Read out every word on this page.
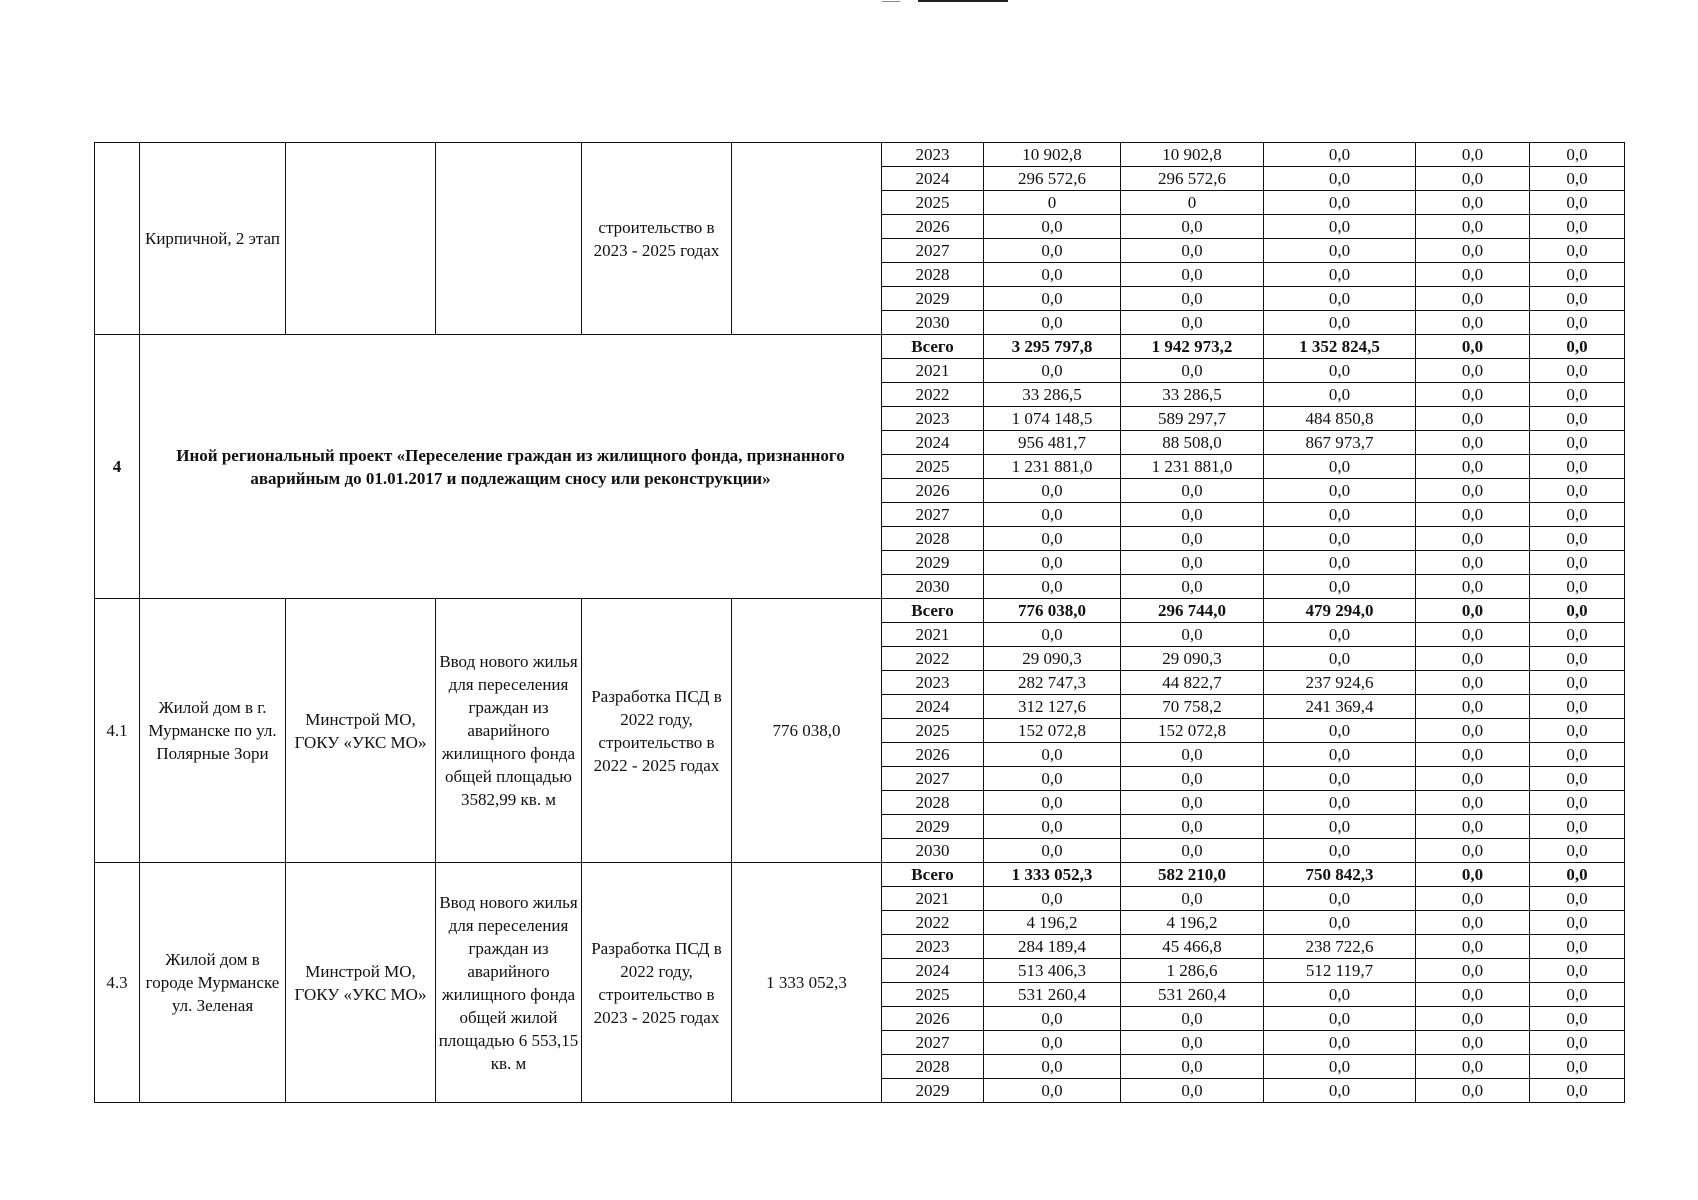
	Кирпичной, 2 этап			строительство в 2023 - 2025 годах		2023	10 902,8	10 902,8	0,0	0,0	0,0
						2024	296 572,6	296 572,6	0,0	0,0	0,0
						2025	0	0	0,0	0,0	0,0
						2026	0,0	0,0	0,0	0,0	0,0
						2027	0,0	0,0	0,0	0,0	0,0
						2028	0,0	0,0	0,0	0,0	0,0
						2029	0,0	0,0	0,0	0,0	0,0
						2030	0,0	0,0	0,0	0,0	0,0
4	Иной региональный проект «Переселение граждан из жилищного фонда, признанного аварийным до 01.01.2017 и подлежащим сносу или реконструкции»					Всего	3 295 797,8	1 942 973,2	1 352 824,5	0,0	0,0
						2021	0,0	0,0	0,0	0,0	0,0
						2022	33 286,5	33 286,5	0,0	0,0	0,0
						2023	1 074 148,5	589 297,7	484 850,8	0,0	0,0
						2024	956 481,7	88 508,0	867 973,7	0,0	0,0
						2025	1 231 881,0	1 231 881,0	0,0	0,0	0,0
						2026	0,0	0,0	0,0	0,0	0,0
						2027	0,0	0,0	0,0	0,0	0,0
						2028	0,0	0,0	0,0	0,0	0,0
						2029	0,0	0,0	0,0	0,0	0,0
						2030	0,0	0,0	0,0	0,0	0,0
4.1	Жилой дом в г. Мурманске по ул. Полярные Зори	Минстрой МО, ГОКУ «УКС МО»	Ввод нового жилья для переселения граждан из аварийного жилищного фонда общей площадью 3582,99 кв. м	Разработка ПСД в 2022 году, строительство в 2022 - 2025 годах	776 038,0	Всего	776 038,0	296 744,0	479 294,0	0,0	0,0
						2021	0,0	0,0	0,0	0,0	0,0
						2022	29 090,3	29 090,3	0,0	0,0	0,0
						2023	282 747,3	44 822,7	237 924,6	0,0	0,0
						2024	312 127,6	70 758,2	241 369,4	0,0	0,0
						2025	152 072,8	152 072,8	0,0	0,0	0,0
						2026	0,0	0,0	0,0	0,0	0,0
						2027	0,0	0,0	0,0	0,0	0,0
						2028	0,0	0,0	0,0	0,0	0,0
						2029	0,0	0,0	0,0	0,0	0,0
						2030	0,0	0,0	0,0	0,0	0,0
4.3	Жилой дом в городе Мурманске ул. Зеленая	Минстрой МО, ГОКУ «УКС МО»	Ввод нового жилья для переселения граждан из аварийного жилищного фонда общей жилой площадью 6 553,15 кв. м	Разработка ПСД в 2022 году, строительство в 2023 - 2025 годах	1 333 052,3	Всего	1 333 052,3	582 210,0	750 842,3	0,0	0,0
						2021	0,0	0,0	0,0	0,0	0,0
						2022	4 196,2	4 196,2	0,0	0,0	0,0
						2023	284 189,4	45 466,8	238 722,6	0,0	0,0
						2024	513 406,3	1 286,6	512 119,7	0,0	0,0
						2025	531 260,4	531 260,4	0,0	0,0	0,0
						2026	0,0	0,0	0,0	0,0	0,0
						2027	0,0	0,0	0,0	0,0	0,0
						2028	0,0	0,0	0,0	0,0	0,0
						2029	0,0	0,0	0,0	0,0	0,0
